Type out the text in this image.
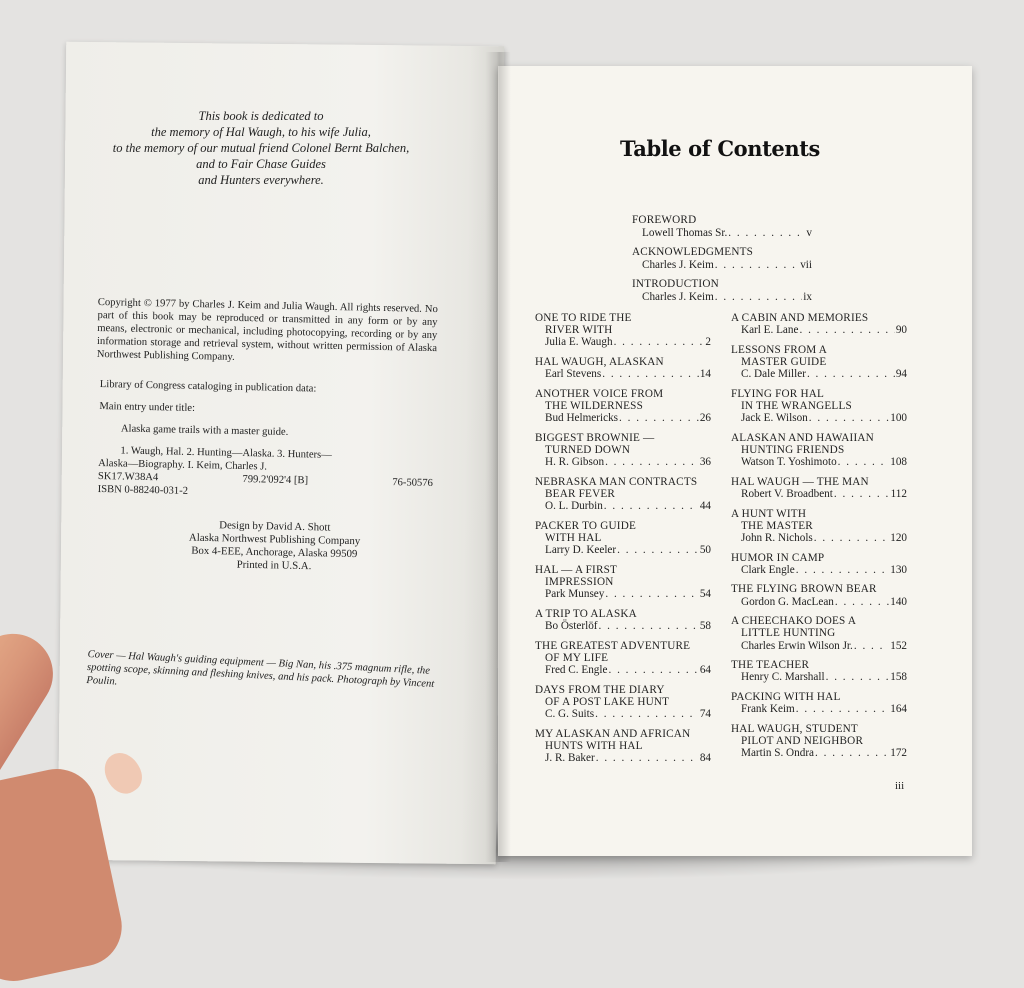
This book is dedicated to
the memory of Hal Waugh, to his wife Julia,
to the memory of our mutual friend Colonel Bernt Balchen,
and to Fair Chase Guides
and Hunters everywhere.
Copyright © 1977 by Charles J. Keim and Julia Waugh. All rights reserved. No part of this book may be reproduced or transmitted in any form or by any means, electronic or mechanical, including photocopying, recording or by any information storage and retrieval system, without written permission of Alaska Northwest Publishing Company.
Library of Congress cataloging in publication data:
Main entry under title:
Alaska game trails with a master guide.
1. Waugh, Hal. 2. Hunting—Alaska. 3. Hunters—
Alaska—Biography. I. Keim, Charles J.
SK17.W38A4	799.2'092'4 [B]	76-50576
ISBN 0-88240-031-2
Design by David A. Shott
Alaska Northwest Publishing Company
Box 4-EEE, Anchorage, Alaska 99509
Printed in U.S.A.
Cover — Hal Waugh's guiding equipment — Big Nan, his .375 magnum rifle, the spotting scope, skinning and fleshing knives, and his pack. Photograph by Vincent Poulin.
Table of Contents
FOREWORD
Lowell Thomas Sr. . . .	v
ACKNOWLEDGMENTS
Charles J. Keim . . .	vii
INTRODUCTION
Charles J. Keim . . .	ix
ONE TO RIDE THE
RIVER WITH
Julia E. Waugh . . .	2
HAL WAUGH, ALASKAN
Earl Stevens . . .	14
ANOTHER VOICE FROM
THE WILDERNESS
Bud Helmericks . . .	26
BIGGEST BROWNIE —
TURNED DOWN
H. R. Gibson . . .	36
NEBRASKA MAN CONTRACTS
BEAR FEVER
O. L. Durbin . . .	44
PACKER TO GUIDE
WITH HAL
Larry D. Keeler . . .	50
HAL — A FIRST
IMPRESSION
Park Munsey . . .	54
A TRIP TO ALASKA
Bo Österlöf . . .	58
THE GREATEST ADVENTURE
OF MY LIFE
Fred C. Engle . . .	64
DAYS FROM THE DIARY
OF A POST LAKE HUNT
C. G. Suits . . .	74
MY ALASKAN AND AFRICAN
HUNTS WITH HAL
J. R. Baker . . .	84
A CABIN AND MEMORIES
Karl E. Lane . . .	90
LESSONS FROM A
MASTER GUIDE
C. Dale Miller . . .	94
FLYING FOR HAL
IN THE WRANGELLS
Jack E. Wilson . . .	100
ALASKAN AND HAWAIIAN
HUNTING FRIENDS
Watson T. Yoshimoto . . .	108
HAL WAUGH — THE MAN
Robert V. Broadbent . . .	112
A HUNT WITH
THE MASTER
John R. Nichols . . .	120
HUMOR IN CAMP
Clark Engle . . .	130
THE FLYING BROWN BEAR
Gordon G. MacLean . . .	140
A CHEECHAKO DOES A
LITTLE HUNTING
Charles Erwin Wilson Jr. . . .	152
THE TEACHER
Henry C. Marshall . . .	158
PACKING WITH HAL
Frank Keim . . .	164
HAL WAUGH, STUDENT
PILOT AND NEIGHBOR
Martin S. Ondra . . .	172
iii
